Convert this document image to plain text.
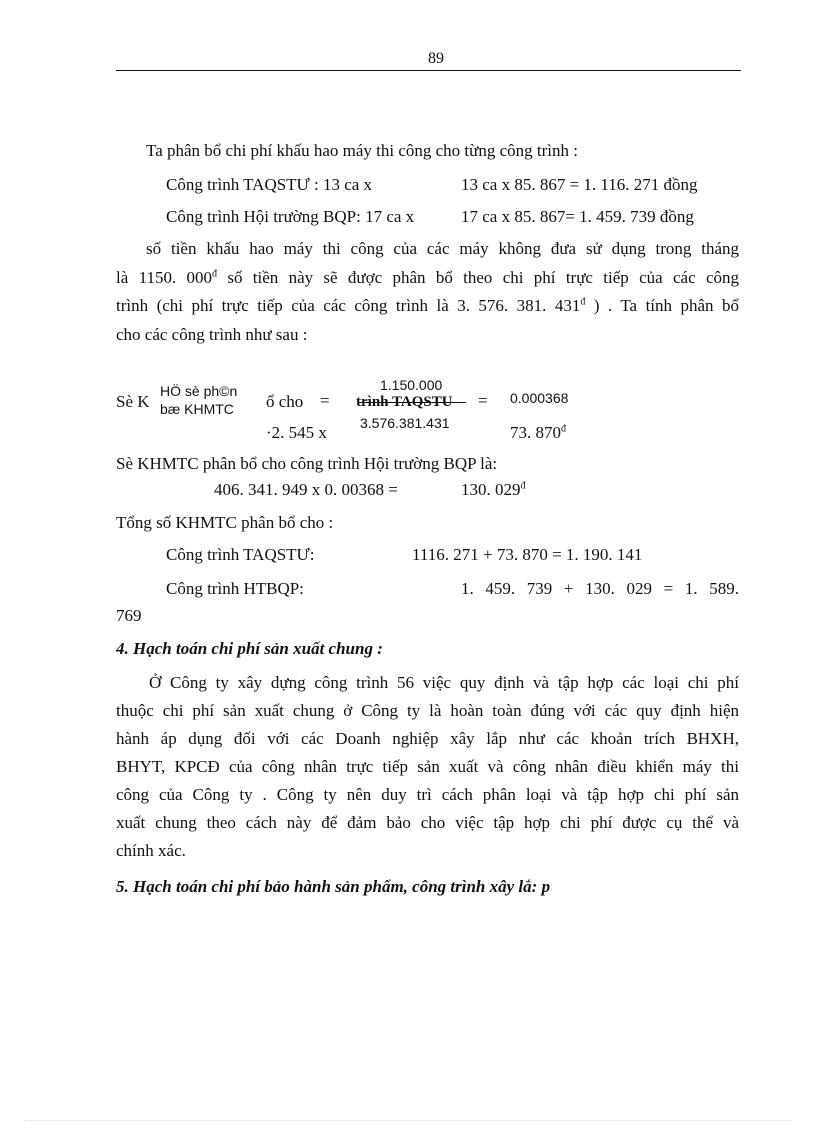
89
Ta phân bổ chi phí khấu hao máy thi công cho từng công trình :
Công trình TAQSTƯ : 13 ca x	13 ca x 85. 867 = 1. 116. 271 đồng
Công trình Hội trường BQP: 17 ca x	17 ca x 85. 867= 1. 459. 739 đồng
số tiền khấu hao máy thi công của các máy không đưa sử dụng trong tháng
là 1150. $000^đ$ số tiền này sẽ được phân bổ theo chi phí trực tiếp của các công
trình (chi phí trực tiếp của các công trình là 3. 576. 381. $431^đ$ ) . Ta tính phân bổ
cho các công trình như sau :
Sè K
HÖ sè ph©n
bæ KHMTC ổ cho =
1.150.000
trình TAQSTU = 0.000368
·2. 545 x 3.576.381.431	73. $870^đ$
Sè KHMTC phân bổ cho công trình Hội trường BQP là:
406. 341. 949 x 0. 00368 =	130. $029^đ$
Tổng số KHMTC phân bổ cho :
Công trình TAQSTƯ:	1116. 271 + 73. 870 = 1. 190. 141
Công trình HTBQP:	1. 459. 739 + 130. 029 = 1. 589.
769
4. Hạch toán chi phí sản xuất chung :
Ở Công ty xây dựng công trình 56 việc quy định và tập hợp các loại chi phí
thuộc chi phí sản xuất chung ở Công ty là hoàn toàn đúng với các quy định hiện
hành áp dụng đối với các Doanh nghiệp xây lắp như các khoản trích BHXH,
BHYT, KPCĐ của công nhân trực tiếp sản xuất và công nhân điều khiển máy thi
công của Công ty . Công ty nên duy trì cách phân loại và tập hợp chi phí sản
xuất chung theo cách này để đảm bảo cho việc tập hợp chi phí được cụ thể và
chính xác.
5. Hạch toán chi phí bảo hành sản phẩm, công trình xây lắ: p
